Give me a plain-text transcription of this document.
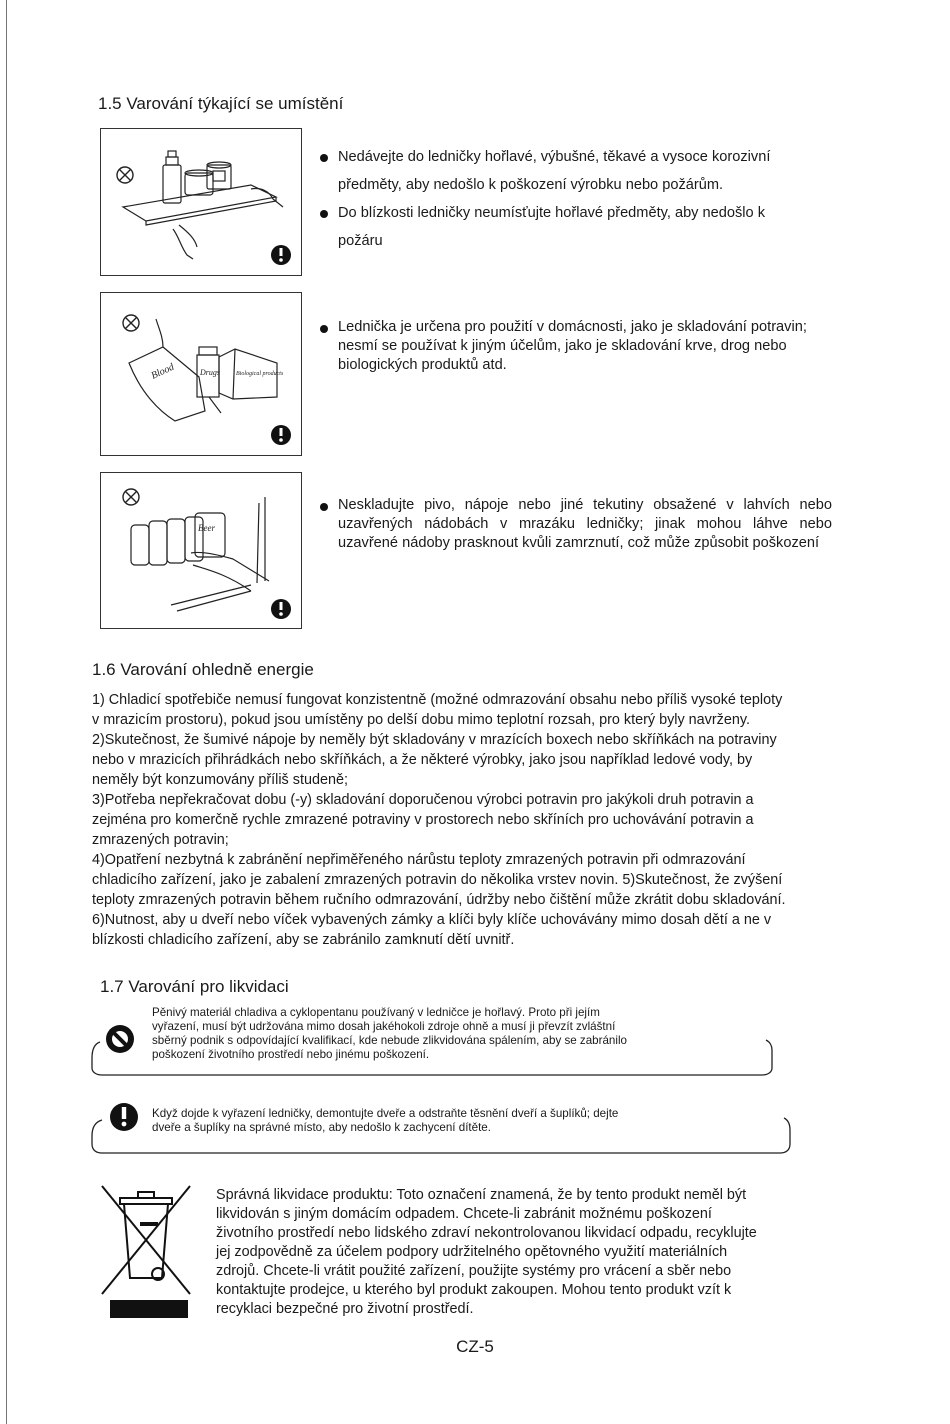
1.5 Varování týkající se umístění
Nedávejte do ledničky hořlavé, výbušné, těkavé a vysoce korozivní
předměty, aby nedošlo k poškození výrobku nebo požárům.
Do blízkosti ledničky neumísťujte hořlavé předměty, aby nedošlo k
požáru
Blood	Drugs	Biological products
Lednička je určena pro použití v domácnosti, jako je skladování potravin; nesmí se používat k jiným účelům, jako je skladování krve, drog nebo biologických produktů atd.
Beer
Neskladujte pivo, nápoje nebo jiné tekutiny obsažené v lahvích nebo uzavřených nádobách v mrazáku ledničky; jinak mohou láhve nebo uzavřené nádoby prasknout kvůli zamrznutí, což může způsobit poškození
1.6 Varování ohledně energie
1) Chladicí spotřebiče nemusí fungovat konzistentně (možné odmrazování obsahu nebo příliš vysoké teploty
v mrazicím prostoru), pokud jsou umístěny po delší dobu mimo teplotní rozsah, pro který byly navrženy.
2)Skutečnost, že šumivé nápoje by neměly být skladovány v mrazících boxech nebo skříňkách na potraviny
nebo v mrazicích přihrádkách nebo skříňkách, a že některé výrobky, jako jsou například ledové vody, by
neměly být konzumovány příliš studeně;
3)Potřeba nepřekračovat dobu (-y) skladování doporučenou výrobci potravin pro jakýkoli druh potravin a
zejména pro komerčně rychle zmrazené potraviny v prostorech nebo skříních pro uchovávání potravin a
zmrazených potravin;
4)Opatření nezbytná k zabránění nepřiměřeného nárůstu teploty zmrazených potravin při odmrazování
chladicího zařízení, jako je zabalení zmrazených potravin do několika vrstev novin. 5)Skutečnost, že zvýšení
teploty zmrazených potravin během ručního odmrazování, údržby nebo čištění může zkrátit dobu skladování.
6)Nutnost, aby u dveří nebo víček vybavených zámky a klíči byly klíče uchovávány mimo dosah dětí a ne v
blízkosti chladicího zařízení, aby se zabránilo zamknutí dětí uvnitř.
1.7 Varování pro likvidaci
Pěnivý materiál chladiva a cyklopentanu používaný v ledničce je hořlavý. Proto při jejím
vyřazení, musí být udržována mimo dosah jakéhokoli zdroje ohně a musí ji převzít zvláštní
sběrný podnik s odpovídající kvalifikací, kde nebude zlikvidována spálením, aby se zabránilo
poškození životního prostředí nebo jinému poškození.
Když dojde k vyřazení ledničky, demontujte dveře a odstraňte těsnění dveří a šuplíků; dejte
dveře a šuplíky na správné místo, aby nedošlo k zachycení dítěte.
Správná likvidace produktu: Toto označení znamená, že by tento produkt neměl být
likvidován s jiným domácím odpadem. Chcete-li zabránit možnému poškození
životního prostředí nebo lidského zdraví nekontrolovanou likvidací odpadu, recyklujte
jej zodpovědně za účelem podpory udržitelného opětovného využití materiálních
zdrojů. Chcete-li vrátit použité zařízení, použijte systémy pro vrácení a sběr nebo
kontaktujte prodejce, u kterého byl produkt zakoupen. Mohou tento produkt vzít k
recyklaci bezpečné pro životní prostředí.
CZ-5
